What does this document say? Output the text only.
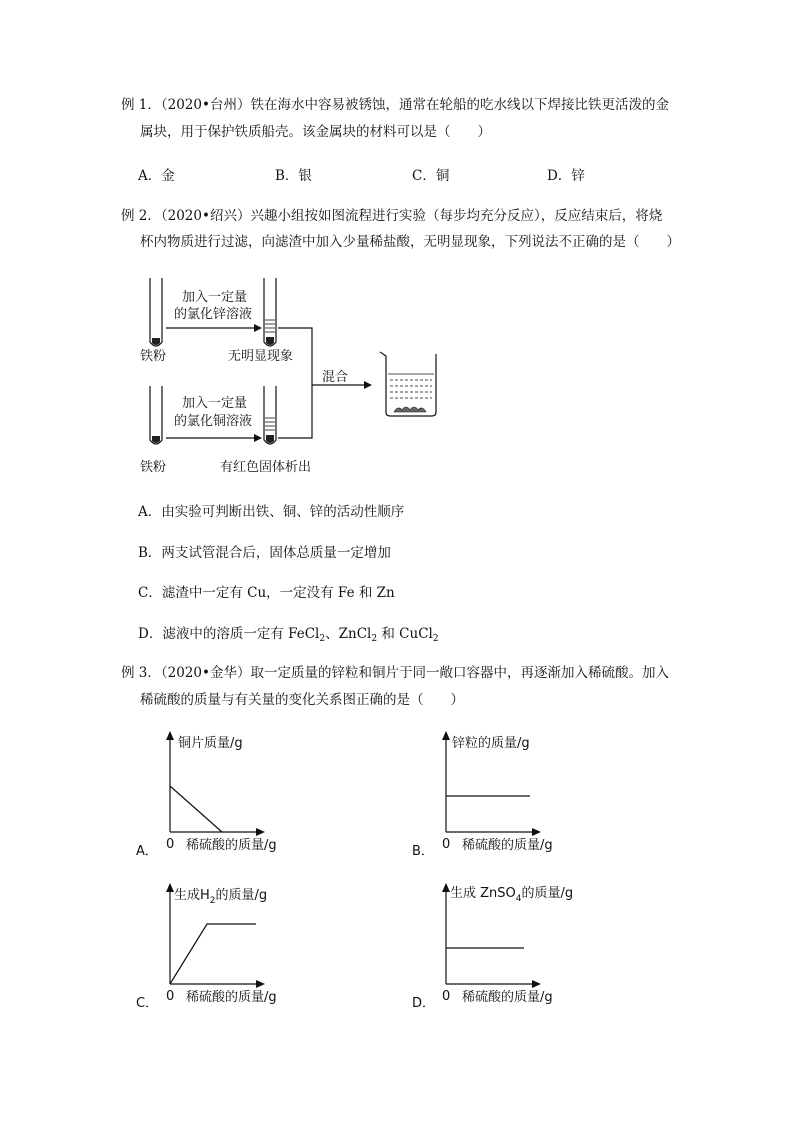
例 1．（2020•台州）铁在海水中容易被锈蚀，通常在轮船的吃水线以下焊接比铁更活泼的金
属块，用于保护铁质船壳。该金属块的材料可以是（　　）
A．金	B．银	C．铜	D．锌
例 2．（2020•绍兴）兴趣小组按如图流程进行实验（每步均充分反应），反应结束后，将烧
杯内物质进行过滤，向滤渣中加入少量稀盐酸，无明显现象，下列说法不正确的是（　　）
铁粉
加入一定量
的氯化锌溶液
无明显现象
铁粉
加入一定量
的氯化铜溶液
有红色固体析出
混合
A．由实验可判断出铁、铜、锌的活动性顺序
B．两支试管混合后，固体总质量一定增加
C．滤渣中一定有 Cu，一定没有 Fe 和 Zn
D．滤液中的溶质一定有 FeCl$_2$、ZnCl$_2$ 和 CuCl$_2$
例 3．（2020•金华）取一定质量的锌粒和铜片于同一敞口容器中，再逐渐加入稀硫酸。加入
稀硫酸的质量与有关量的变化关系图正确的是（　　）
铜片质量/g
0 稀硫酸的质量/g
A．
锌粒的质量/g
0 稀硫酸的质量/g
B．
生成$H_2$的质量/g
0 稀硫酸的质量/g
C．
生成 ZnSO$_4$的质量/g
0 稀硫酸的质量/g
D．
